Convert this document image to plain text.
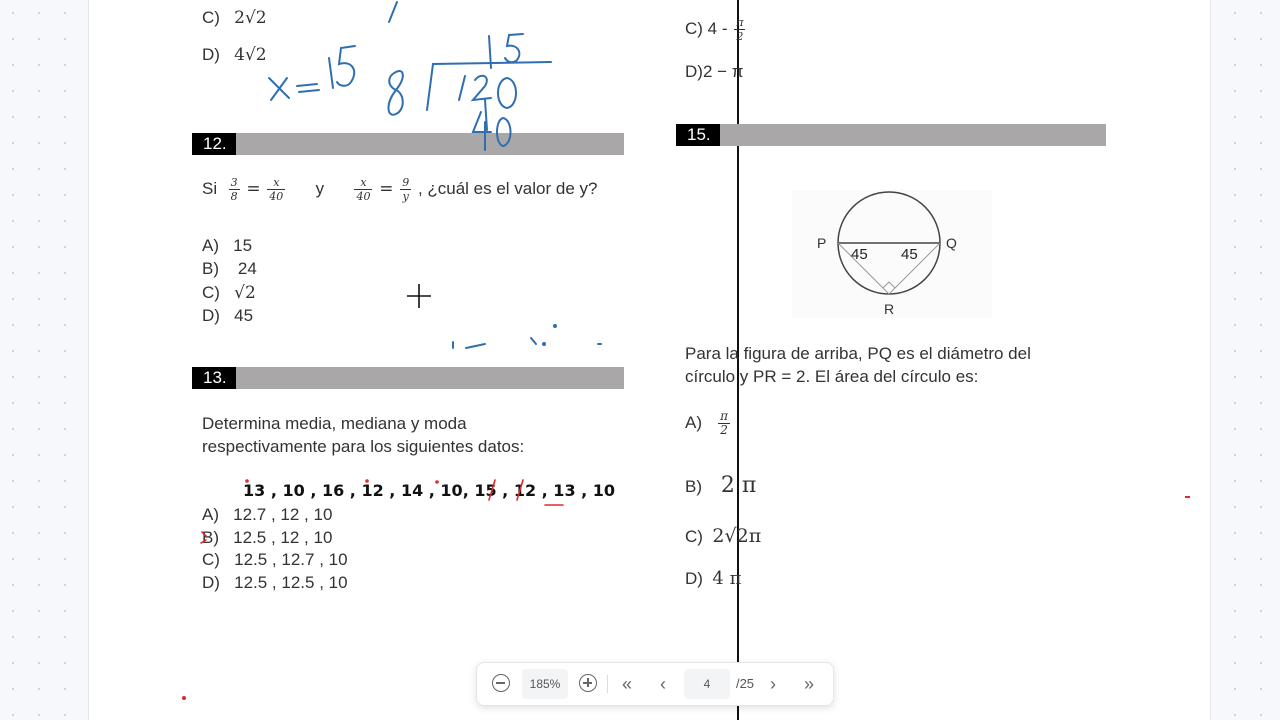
C) 2√2
D) 4√2
12.
Si $\frac{3}{8} = \frac{x}{40}$ y	$\frac{x}{40} = \frac{9}{y}$ , ¿cuál es el valor de y?
A) 15
B) 24
C) √2
D) 45
13.
Determina media, mediana y moda
respectivamente para los siguientes datos:
13 , 10 , 16 , 12 , 14 , 10, 15 , 12 , 13 , 10
A) 12.7 , 12 , 10
B) 12.5 , 12 , 10
C) 12.5 , 12.7 , 10
D) 12.5 , 12.5 , 10
C) $4 - \frac{\pi}{2}$
D)2 − π
15.
P	Q
R
45 45
Para la figura de arriba, PQ es el diámetro del
círculo y PR = 2. El área del círculo es:
$A) \frac{\pi}{2}$
B) 2 π
C) 2√2π
D) 4 π
185%	«	‹	4	/25 ›	»
